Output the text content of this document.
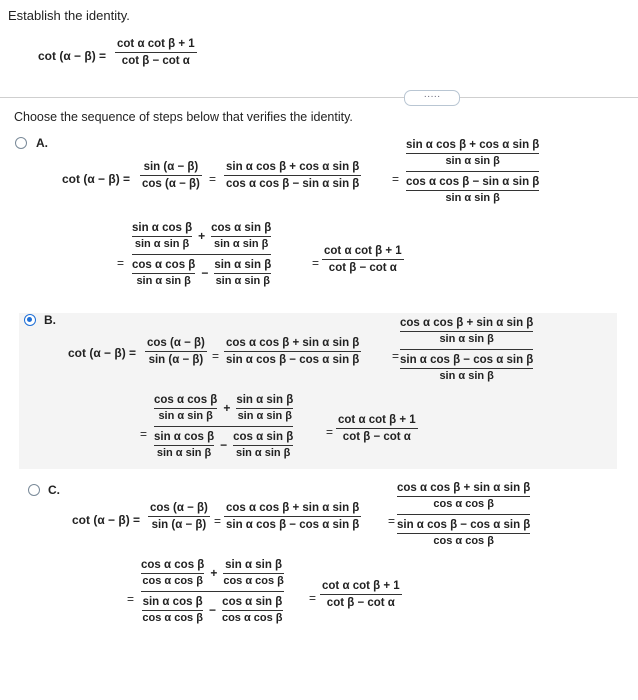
Establish the identity.
cot (α − β) =
cot α cot β + 1
cot β − cot α
·····
Choose the sequence of steps below that verifies the identity.
A.
cot (α − β) =
sin (α − β)
cos (α − β) =
sin α cos β + cos α sin β
cos α cos β − sin α sin β	=
sin α cos β + cos α sin β
sin α sin β
cos α cos β − sin α sin β
sin α sin β
=
sin α cos β
sin α sin β
+
cos α sin β
sin α sin β
cos α cos β
sin α sin β
−
sin α sin β
sin α sin β
=
cot α cot β + 1
cot β − cot α
B.
cot (α − β) =
cos (α − β)
sin (α − β) =
cos α cos β + sin α sin β
sin α cos β − cos α sin β	=
cos α cos β + sin α sin β
sin α sin β
sin α cos β − cos α sin β
sin α sin β
=
cos α cos β
sin α sin β
+
sin α sin β
sin α sin β
sin α cos β
sin α sin β
−
cos α sin β
sin α sin β
=
cot α cot β + 1
cot β − cot α
C.
cot (α − β) =
cos (α − β)
sin (α − β) =
cos α cos β + sin α sin β
sin α cos β − cos α sin β =
cos α cos β + sin α sin β
cos α cos β
sin α cos β − cos α sin β
cos α cos β
=
cos α cos β
cos α cos β
+
sin α sin β
cos α cos β
sin α cos β
cos α cos β
−
cos α sin β
cos α cos β
=
cot α cot β + 1
cot β − cot α
